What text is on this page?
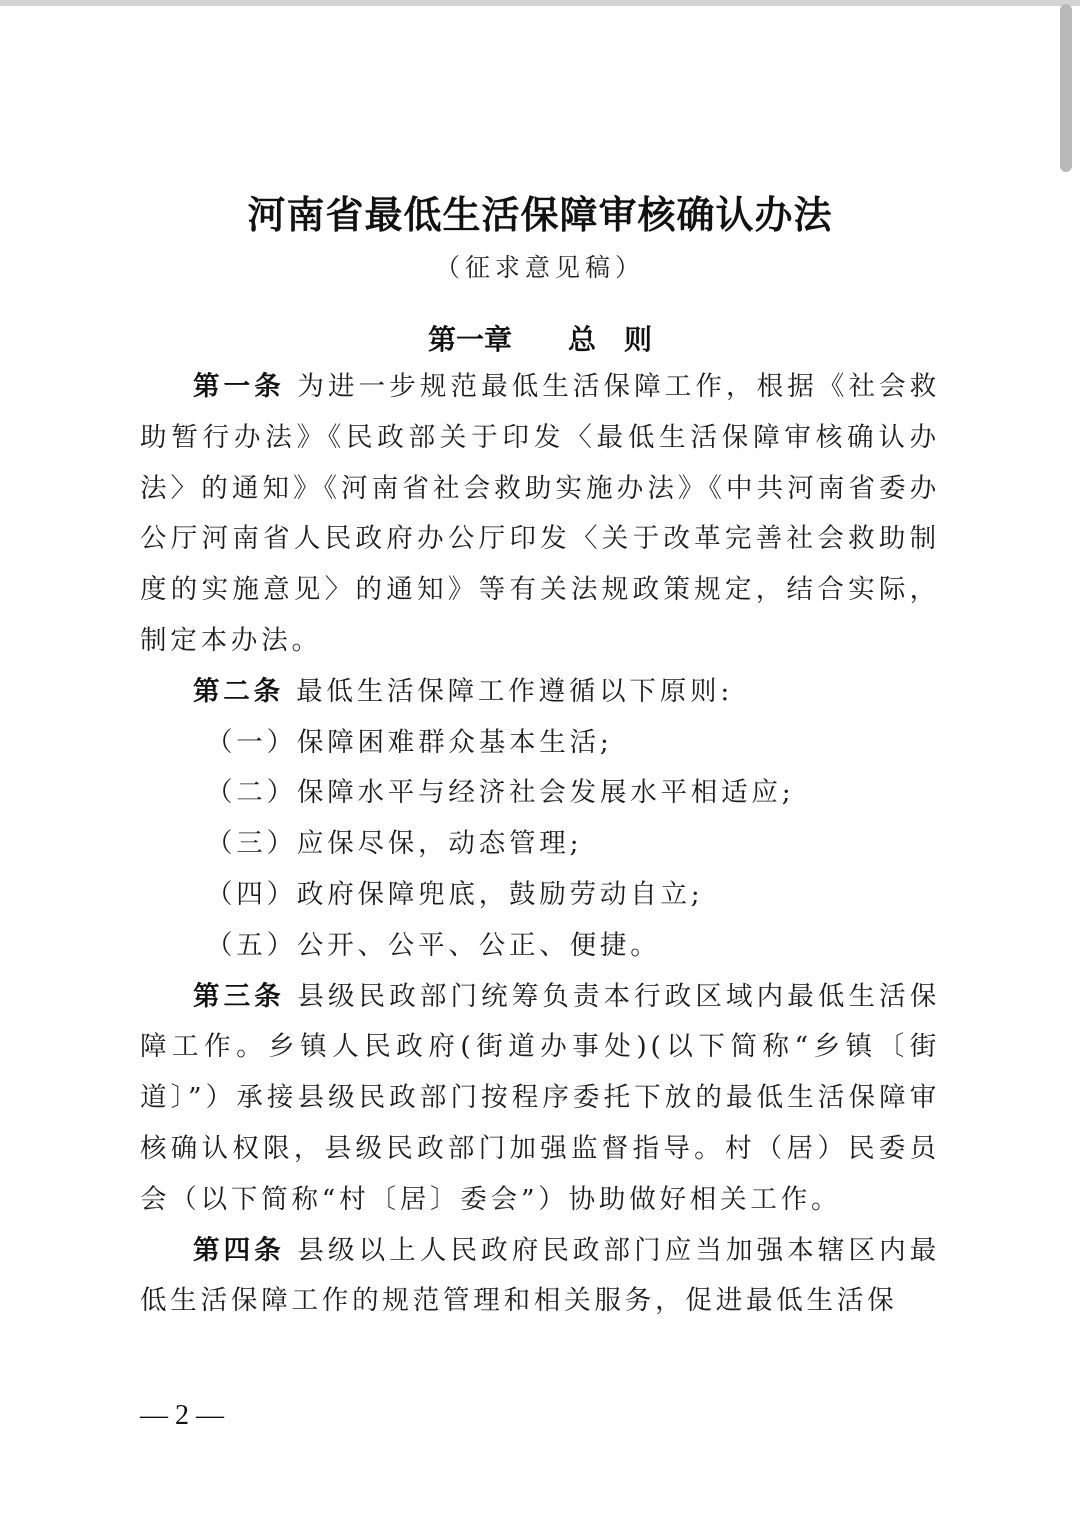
河南省最低生活保障审核确认办法
（征求意见稿）
第一章　　总　则

第一条 为进一步规范最低生活保障工作，根据《社会救助暂行办法》《民政部关于印发〈最低生活保障审核确认办法〉的通知》《河南省社会救助实施办法》《中共河南省委办公厅河南省人民政府办公厅印发〈关于改革完善社会救助制度的实施意见〉的通知》等有关法规政策规定，结合实际，制定本办法。

第二条 最低生活保障工作遵循以下原则:

（一）保障困难群众基本生活;

（二）保障水平与经济社会发展水平相适应;

（三）应保尽保，动态管理;

（四）政府保障兜底，鼓励劳动自立;

（五）公开、公平、公正、便捷。

第三条 县级民政部门统筹负责本行政区域内最低生活保障工作。乡镇人民政府(街道办事处)(以下简称“乡镇〔街道〕”）承接县级民政部门按程序委托下放的最低生活保障审核确认权限，县级民政部门加强监督指导。村（居）民委员会（以下简称“村〔居〕委会”）协助做好相关工作。

第四条 县级以上人民政府民政部门应当加强本辖区内最低生活保障工作的规范管理和相关服务，促进最低生活保

— 2 —
